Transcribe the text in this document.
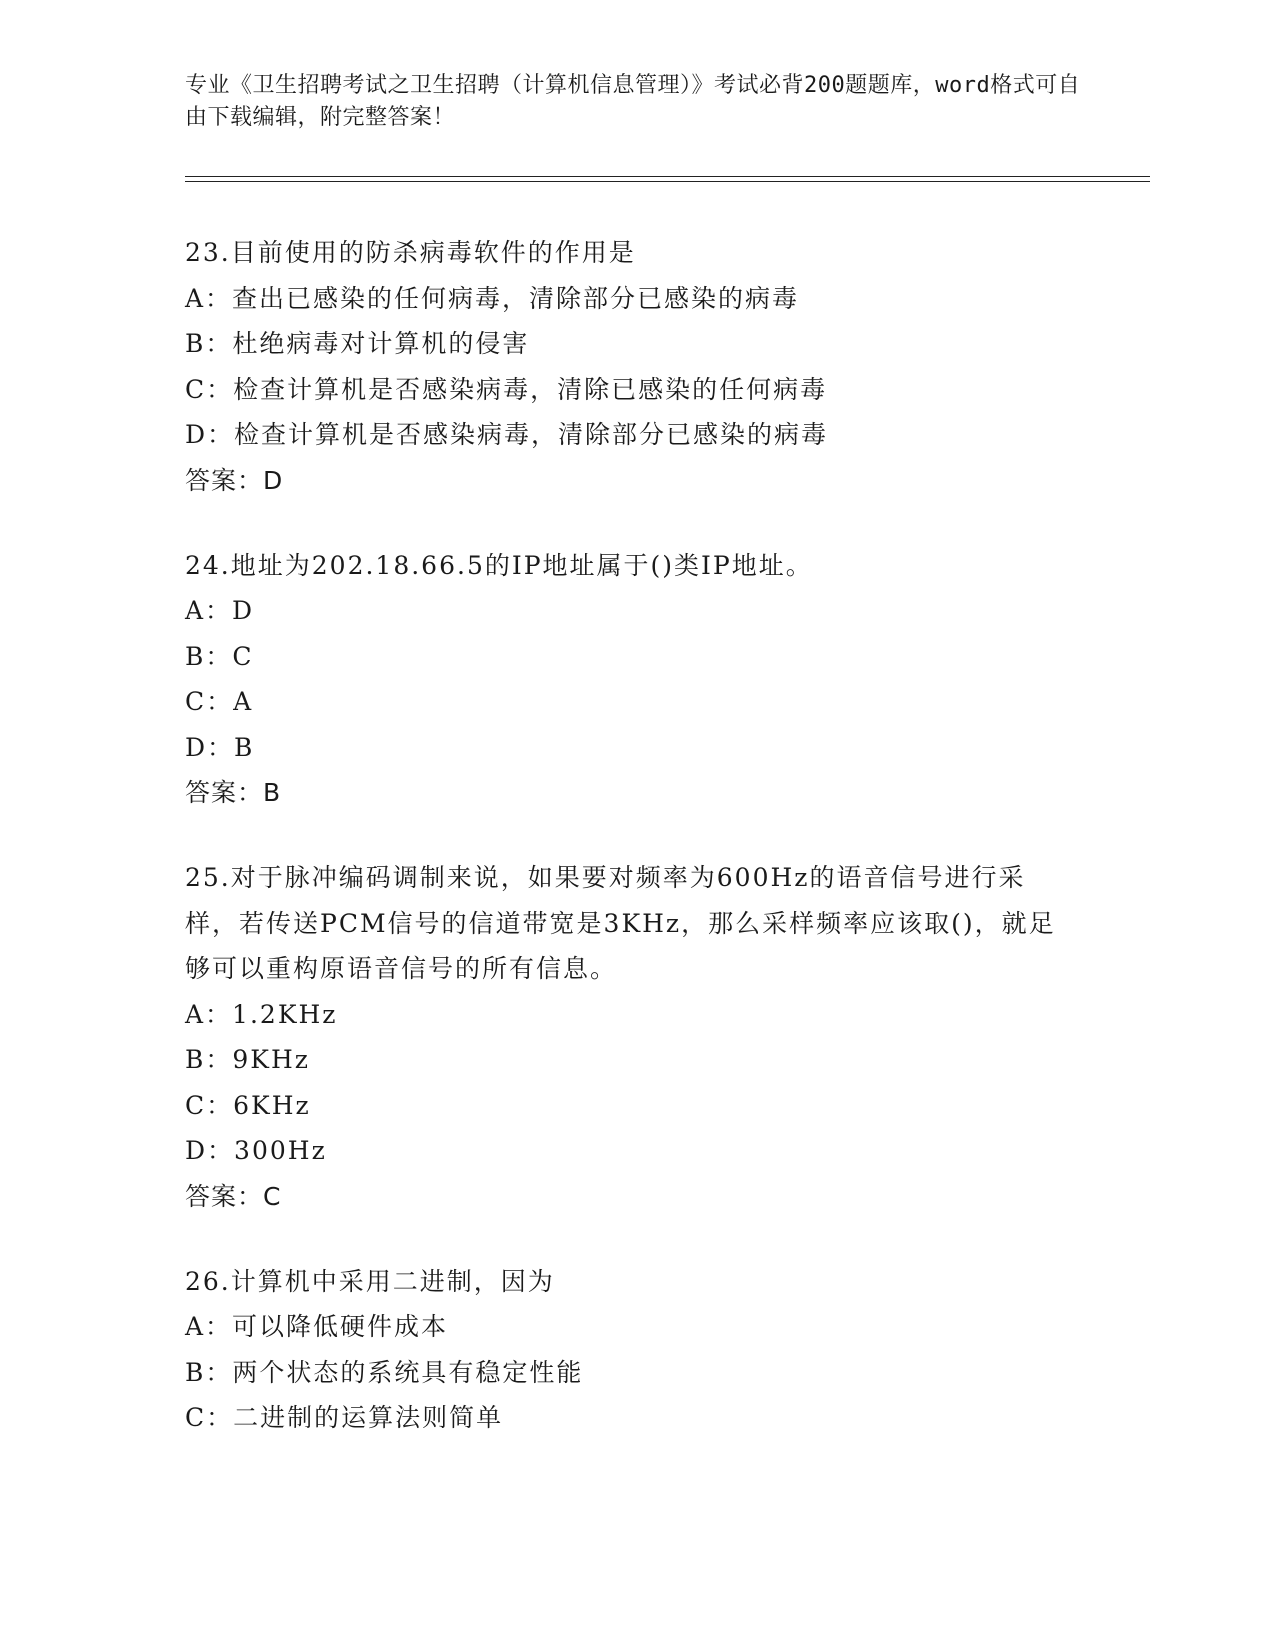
专业《卫生招聘考试之卫生招聘（计算机信息管理）》考试必背200题题库，word格式可自由下载编辑，附完整答案！

23.目前使用的防杀病毒软件的作用是

A：查出已感染的任何病毒，清除部分已感染的病毒

B：杜绝病毒对计算机的侵害

C：检查计算机是否感染病毒，清除已感染的任何病毒

D：检查计算机是否感染病毒，清除部分已感染的病毒

答案：D

24.地址为202.18.66.5的IP地址属于()类IP地址。

A：D

B：C

C：A

D：B

答案：B

25.对于脉冲编码调制来说，如果要对频率为600Hz的语音信号进行采样，若传送PCM信号的信道带宽是3KHz，那么采样频率应该取()，就足够可以重构原语音信号的所有信息。

A：1.2KHz

B：9KHz

C：6KHz

D：300Hz

答案：C

26.计算机中采用二进制，因为

A：可以降低硬件成本

B：两个状态的系统具有稳定性能

C：二进制的运算法则简单
